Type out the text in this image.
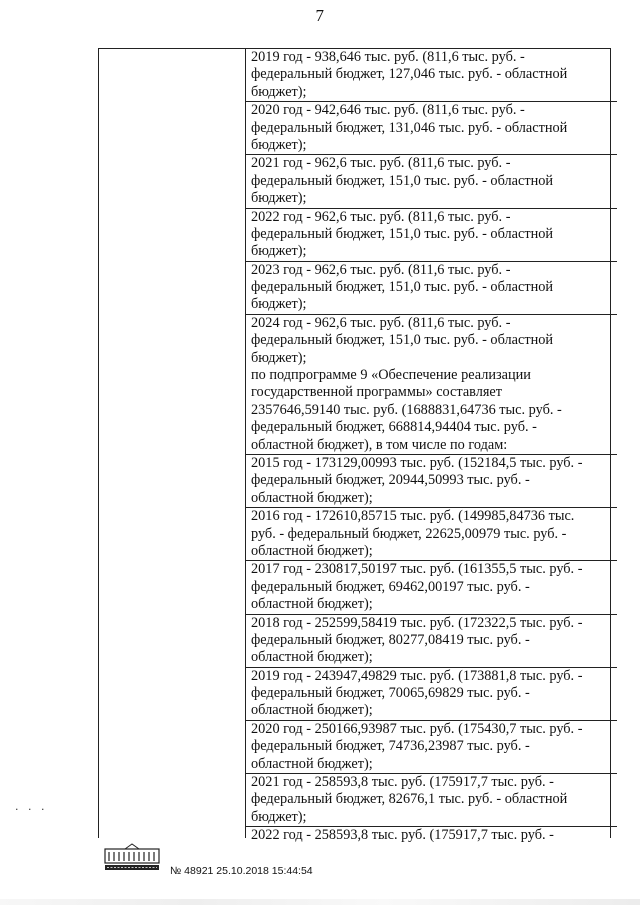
7
2019 год - 938,646 тыс. руб. (811,6 тыс. руб. -
федеральный бюджет, 127,046 тыс. руб. - областной
бюджет);
2020 год - 942,646 тыс. руб. (811,6 тыс. руб. -
федеральный бюджет, 131,046 тыс. руб. - областной
бюджет);
2021 год - 962,6 тыс. руб. (811,6 тыс. руб. -
федеральный бюджет, 151,0 тыс. руб. - областной
бюджет);
2022 год - 962,6 тыс. руб. (811,6 тыс. руб. -
федеральный бюджет, 151,0 тыс. руб. - областной
бюджет);
2023 год - 962,6 тыс. руб. (811,6 тыс. руб. -
федеральный бюджет, 151,0 тыс. руб. - областной
бюджет);
2024 год - 962,6 тыс. руб. (811,6 тыс. руб. -
федеральный бюджет, 151,0 тыс. руб. - областной
бюджет);
по подпрограмме 9 «Обеспечение реализации
государственной программы» составляет
2357646,59140 тыс. руб. (1688831,64736 тыс. руб. -
федеральный бюджет, 668814,94404 тыс. руб. -
областной бюджет), в том числе по годам:
2015 год - 173129,00993 тыс. руб. (152184,5 тыс. руб. -
федеральный бюджет, 20944,50993 тыс. руб. -
областной бюджет);
2016 год - 172610,85715 тыс. руб. (149985,84736 тыс.
руб. - федеральный бюджет, 22625,00979 тыс. руб. -
областной бюджет);
2017 год - 230817,50197 тыс. руб. (161355,5 тыс. руб. -
федеральный бюджет, 69462,00197 тыс. руб. -
областной бюджет);
2018 год - 252599,58419 тыс. руб. (172322,5 тыс. руб. -
федеральный бюджет, 80277,08419 тыс. руб. -
областной бюджет);
2019 год - 243947,49829 тыс. руб. (173881,8 тыс. руб. -
федеральный бюджет, 70065,69829 тыс. руб. -
областной бюджет);
2020 год - 250166,93987 тыс. руб. (175430,7 тыс. руб. -
федеральный бюджет, 74736,23987 тыс. руб. -
областной бюджет);
2021 год - 258593,8 тыс. руб. (175917,7 тыс. руб. -
федеральный бюджет, 82676,1 тыс. руб. - областной
бюджет);
2022 год - 258593,8 тыс. руб. (175917,7 тыс. руб. -
· · ·
№ 48921 25.10.2018 15:44:54
